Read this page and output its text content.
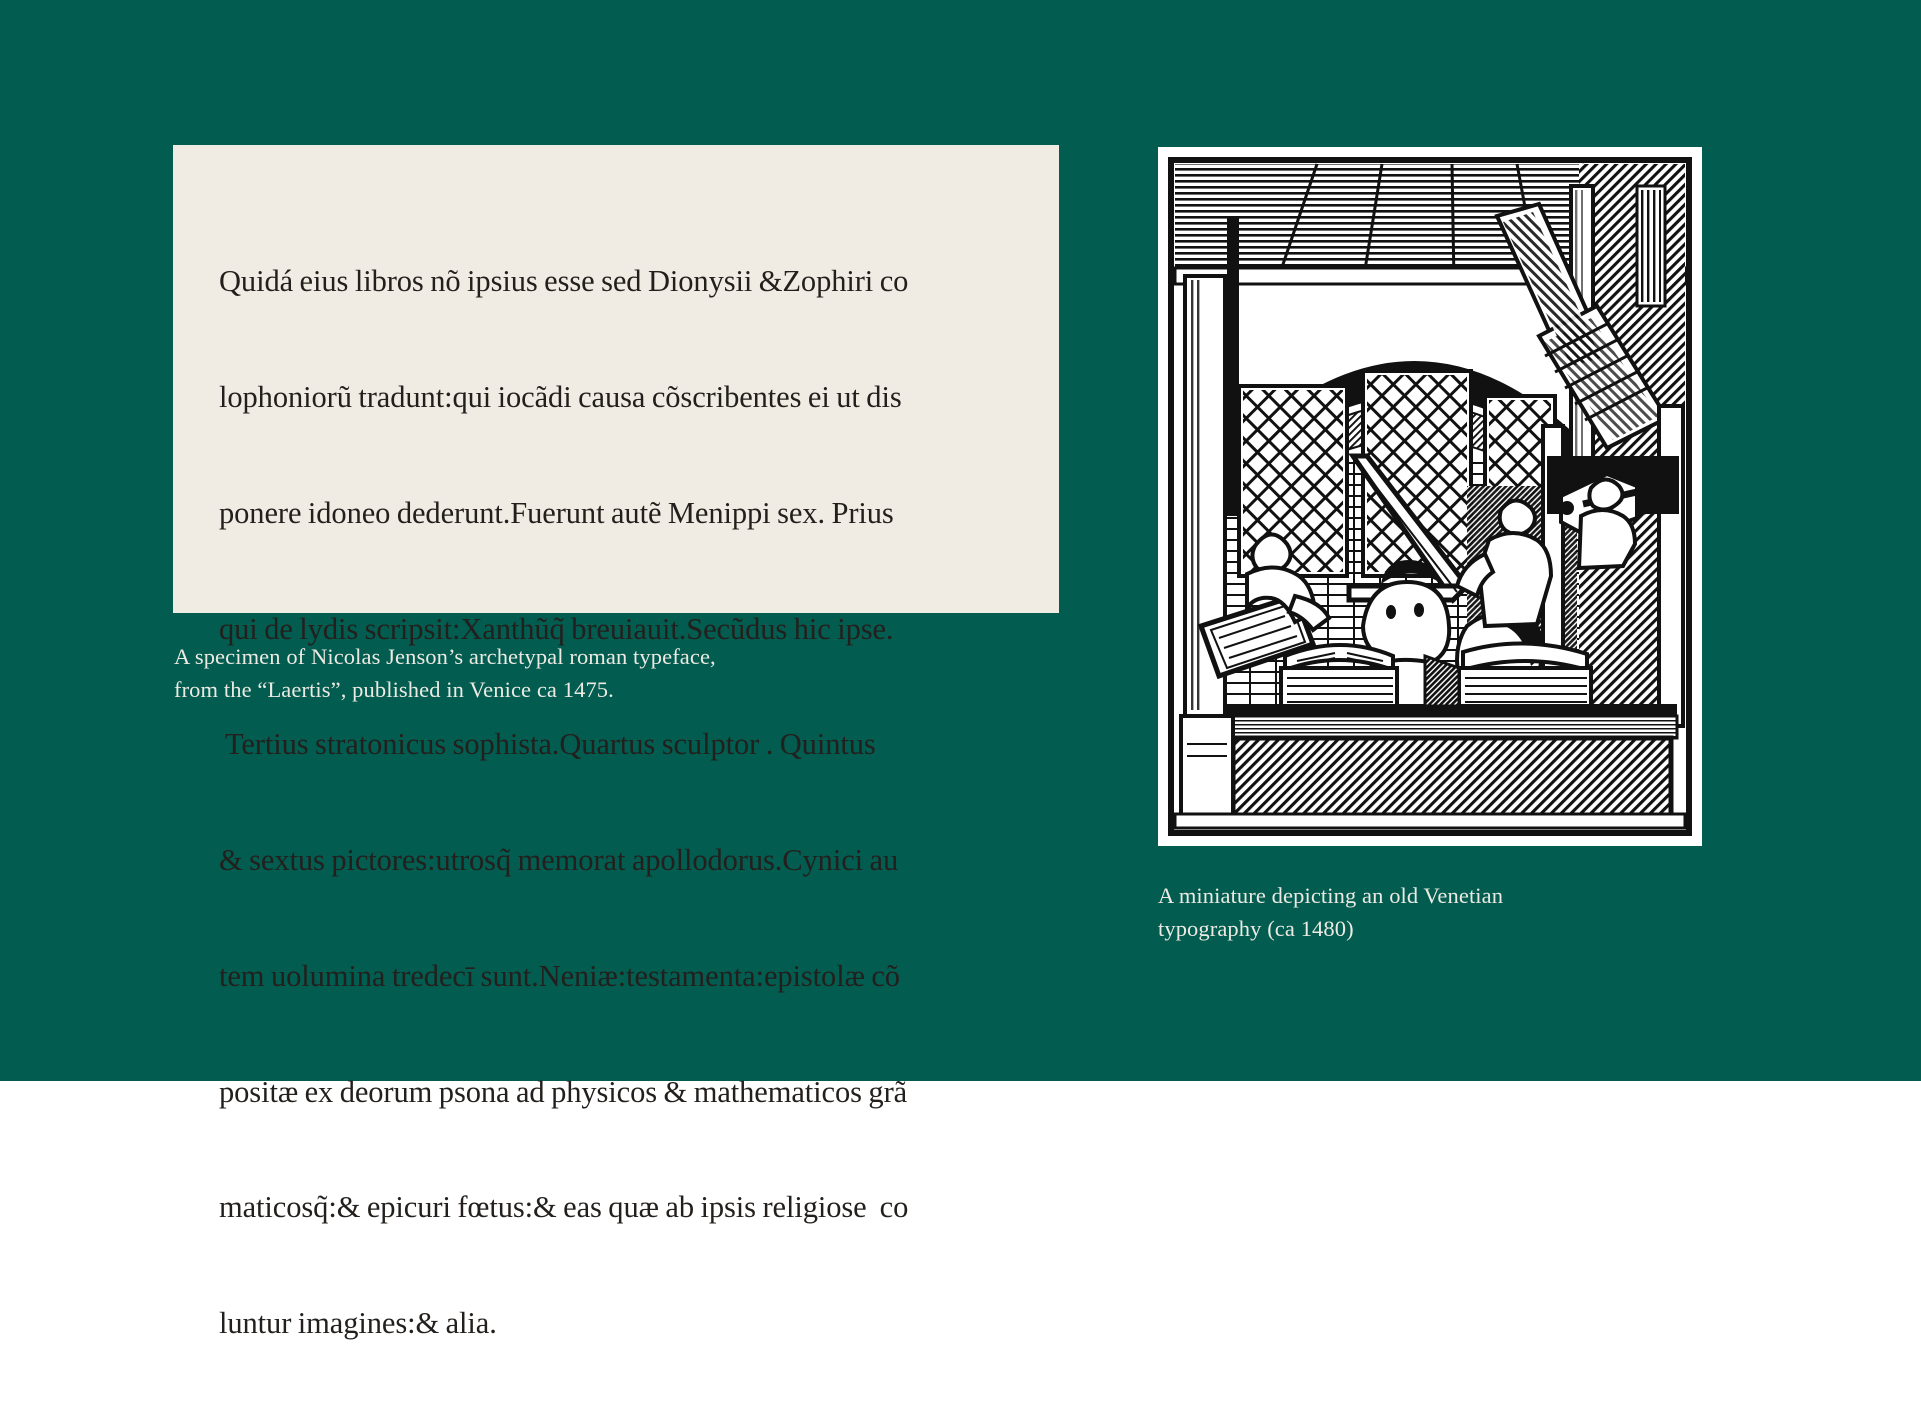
Quidá eius libros nõ ipsius esse sed Dionysii &Zophiri co

lophoniorũ tradunt:qui iocãdi causa cõscribentes ei ut dis

ponere idoneo dederunt.Fuerunt autẽ Menippi sex. Prius

qui de lydis scripsit:Xanthũq̃ breuiauit.Secũdus hic ipse.

Tertius stratonicus sophista.Quartus sculptor . Quintus

& sextus pictores:utrosq̃ memorat apollodorus.Cynici au

tem uolumina tredecī sunt.Neniæ:testamenta:epistolæ cõ

positæ ex deorum psona ad physicos & mathematicos grã

maticosq̃:& epicuri fœtus:& eas quæ ab ipsis religiose  co

luntur imagines:& alia.

A specimen of Nicolas Jenson’s archetypal roman typeface,
from the “Laertis”, published in Venice ca 1475.
A miniature depicting an old Venetian
typography (ca 1480)
